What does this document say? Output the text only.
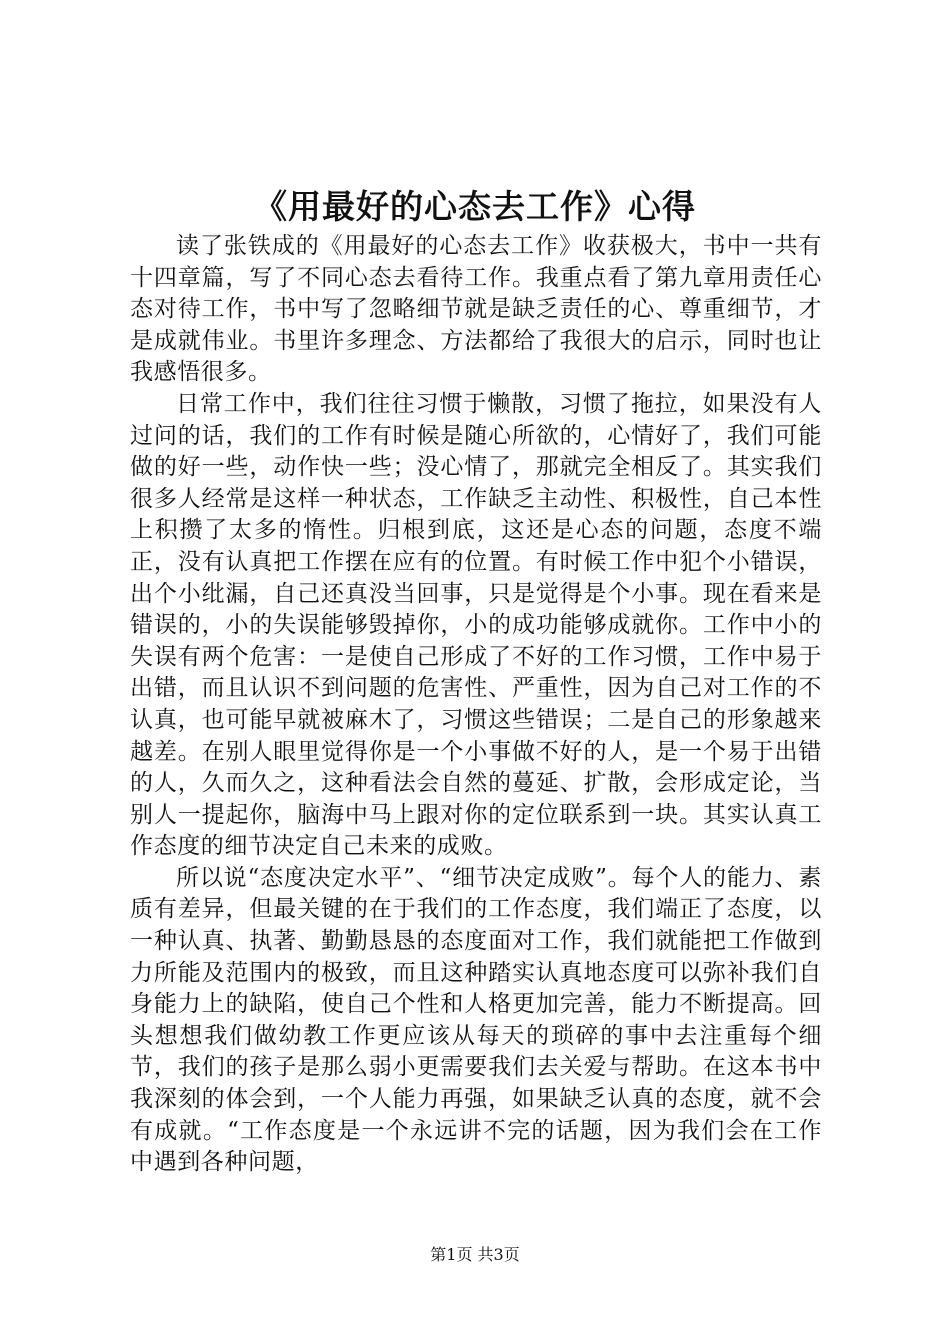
《用最好的心态去工作》心得

读了张铁成的《用最好的心态去工作》收获极大，书中一共有十四章篇，写了不同心态去看待工作。我重点看了第九章用责任心态对待工作，书中写了忽略细节就是缺乏责任的心、尊重细节，才是成就伟业。书里许多理念、方法都给了我很大的启示，同时也让我感悟很多。

日常工作中，我们往往习惯于懒散，习惯了拖拉，如果没有人过问的话，我们的工作有时候是随心所欲的，心情好了，我们可能做的好一些，动作快一些；没心情了，那就完全相反了。其实我们很多人经常是这样一种状态，工作缺乏主动性、积极性，自己本性上积攒了太多的惰性。归根到底，这还是心态的问题，态度不端正，没有认真把工作摆在应有的位置。有时候工作中犯个小错误，出个小纰漏，自己还真没当回事，只是觉得是个小事。现在看来是错误的，小的失误能够毁掉你，小的成功能够成就你。工作中小的失误有两个危害：一是使自己形成了不好的工作习惯，工作中易于出错，而且认识不到问题的危害性、严重性，因为自己对工作的不认真，也可能早就被麻木了，习惯这些错误；二是自己的形象越来越差。在别人眼里觉得你是一个小事做不好的人，是一个易于出错的人，久而久之，这种看法会自然的蔓延、扩散，会形成定论，当别人一提起你，脑海中马上跟对你的定位联系到一块。其实认真工作态度的细节决定自己未来的成败。

所以说“态度决定水平”、“细节决定成败”。每个人的能力、素质有差异，但最关键的在于我们的工作态度，我们端正了态度，以一种认真、执著、勤勤恳恳的态度面对工作，我们就能把工作做到力所能及范围内的极致，而且这种踏实认真地态度可以弥补我们自身能力上的缺陷，使自己个性和人格更加完善，能力不断提高。回头想想我们做幼教工作更应该从每天的琐碎的事中去注重每个细节，我们的孩子是那么弱小更需要我们去关爱与帮助。在这本书中我深刻的体会到，一个人能力再强，如果缺乏认真的态度，就不会有成就。“工作态度是一个永远讲不完的话题，因为我们会在工作中遇到各种问题，

第1页 共3页
